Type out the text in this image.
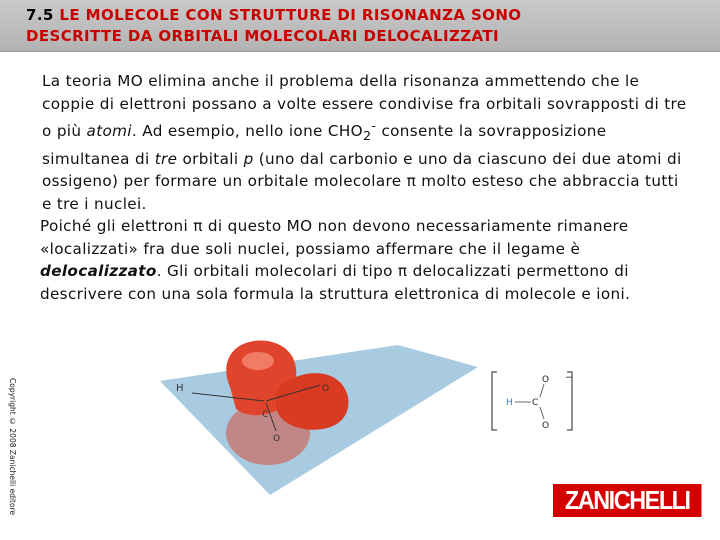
7.5 LE MOLECOLE CON STRUTTURE DI RISONANZA SONO
DESCRITTE DA ORBITALI MOLECOLARI DELOCALIZZATI

La teoria MO elimina anche il problema della risonanza ammettendo che le coppie di elettroni possano a volte essere condivise fra orbitali sovrapposti di tre o più atomi. Ad esempio, nello ione $CHO_2^-$ consente la sovrapposizione simultanea di tre orbitali p (uno dal carbonio e uno da ciascuno dei due atomi di ossigeno) per formare un orbitale molecolare π molto esteso che abbraccia tutti e tre i nuclei.

Poiché gli elettroni π di questo MO non devono necessariamente rimanere «localizzati» fra due soli nuclei, possiamo affermare che il legame è delocalizzato. Gli orbitali molecolari di tipo π delocalizzati permettono di descrivere con una sola formula la struttura elettronica di molecole e ioni.

H
C
O
O
−
H C
O
O
Copyright © 2008 Zanichelli editore	ZANICHELLI
